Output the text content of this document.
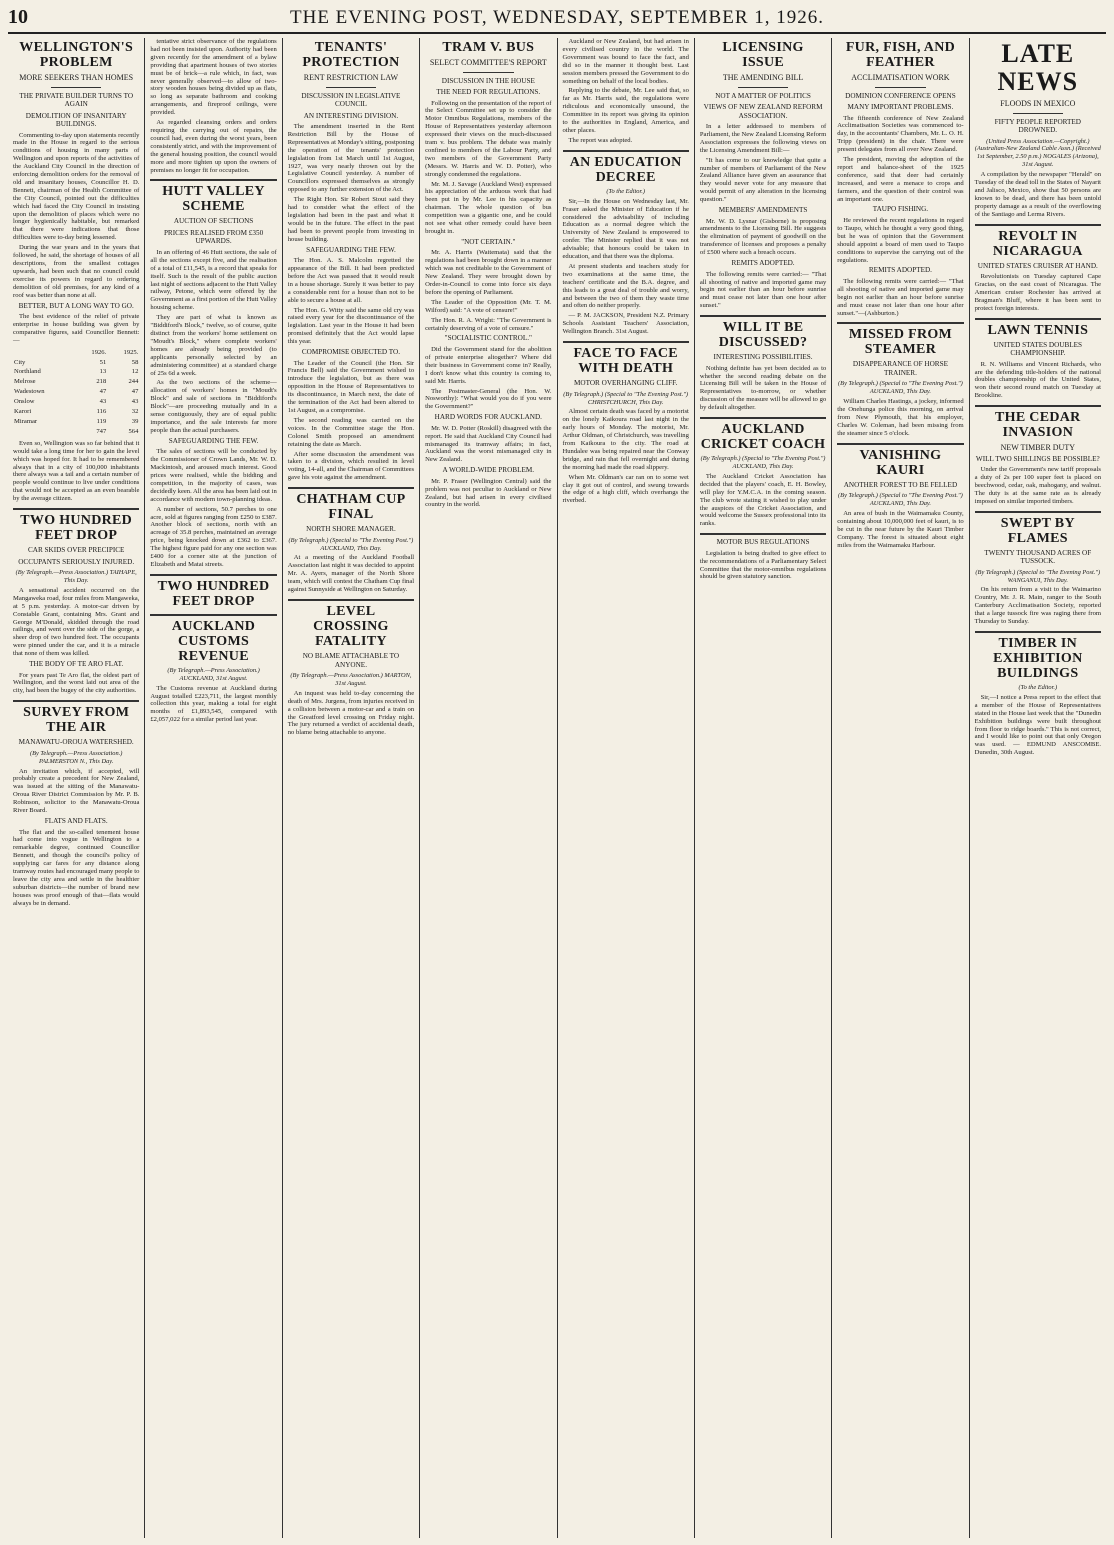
10	THE EVENING POST, WEDNESDAY, SEPTEMBER 1, 1926.
WELLINGTON'S PROBLEM
MORE SEEKERS THAN HOMES
THE PRIVATE BUILDER TURNS TO AGAIN
DEMOLITION OF INSANITARY BUILDINGS.

Commenting to-day upon statements recently made in the House in regard to the serious conditions of housing in many parts of Wellington and upon reports of the activities of the Auckland City Council in the direction of enforcing demolition orders for the removal of old and insanitary houses, Councillor H. D. Bennett, chairman of the Health Committee of the City Council, pointed out the difficulties which had faced the City Council in insisting upon the demolition of places which were no longer hygienically habitable, but remarked that there were indications that those difficulties were to-day being lessened.

During the war years and in the years that followed, he said, the shortage of houses of all descriptions, from the smallest cottages upwards, had been such that no council could exercise its powers in regard to ordering demolition of old premises, for any kind of a roof was better than none at all.

BETTER, BUT A LONG WAY TO GO.

The best evidence of the relief of private enterprise in house building was given by comparative figures, said Councillor Bennett:—

	1926.	1925.
City	51	58
Northland	13	12
Melrose	218	244
Wadestown	47	47
Onslow	43	43
Karori	116	32
Miramar	119	39
	747	564

Even so, Wellington was so far behind that it would take a long time for her to gain the level which was hoped for. It had to be remembered always that in a city of 100,000 inhabitants there always was a tail and a certain number of people would continue to live under conditions that would not be accepted as an even bearable by the average citizen.

TWO HUNDRED FEET DROP
CAR SKIDS OVER PRECIPICE
OCCUPANTS SERIOUSLY INJURED.
(By Telegraph.—Press Association.) TAIHAPE, This Day.

A sensational accident occurred on the Mangaweka road, four miles from Mangaweka, at 5 p.m. yesterday. A motor-car driven by Constable Grant, containing Mrs. Grant and George M'Donald, skidded through the road railings, and went over the side of the gorge, a sheer drop of two hundred feet. The occupants were pinned under the car, and it is a miracle that none of them was killed.

THE BODY OF TE ARO FLAT.

For years past Te Aro flat, the oldest part of Wellington, and the worst laid out area of the city, had been the bugey of the city authorities.

SURVEY FROM THE AIR
MANAWATU-OROUA WATERSHED.
(By Telegraph.—Press Association.) PALMERSTON N., This Day.

An invitation which, if accepted, will probably create a precedent for New Zealand, was issued at the sitting of the Manawatu-Oroua River District Commission by Mr. P. B. Robinson, solicitor to the Manawatu-Oroua River Board.

FLATS AND FLATS.

The flat and the so-called tenement house had come into vogue in Wellington to a remarkable degree, continued Councillor Bennett, and though the council's policy of supplying car fares for any distance along tramway routes had encouraged many people to leave the city area and settle in the healthier suburban districts—the number of brand new houses was proof enough of that—flats would always be in demand.

tentative strict observance of the regulations had not been insisted upon. Authority had been given recently for the amendment of a bylaw providing that apartment houses of two stories must be of brick—a rule which, in fact, was never generally observed—to allow of two-story wooden houses being divided up as flats, so long as separate bathroom and cooking arrangements, and fireproof ceilings, were provided.

As regarded cleansing orders and orders requiring the carrying out of repairs, the council had, even during the worst years, been consistently strict, and with the improvement of the general housing position, the council would more and more tighten up upon the owners of premises no longer fit for occupation.

HUTT VALLEY SCHEME
AUCTION OF SECTIONS
PRICES REALISED FROM £350 UPWARDS.

In an offering of 46 Hutt sections, the sale of all the sections except five, and the realisation of a total of £11,545, is a record that speaks for itself. Such is the result of the public auction last night of sections adjacent to the Hutt Valley railway, Petone, which were offered by the Government as a first portion of the Hutt Valley housing scheme.

They are part of what is known as "Biddiford's Block," twelve, so of course, quite distinct from the workers' home settlement on "Moudt's Block," where complete workers' homes are already being provided (to applicants personally selected by an administering committee) at a standard charge of 25s 6d a week.

As the two sections of the scheme—allocation of workers' homes in "Moudt's Block" and sale of sections in "Biddiford's Block"—are proceeding mutually and in a sense contiguously, they are of equal public importance, and the sale interests far more people than the actual purchasers.

SAFEGUARDING THE FEW.

The sales of sections will be conducted by the Commissioner of Crown Lands, Mr. W. D. Mackintosh, and aroused much interest. Good prices were realised, while the bidding and competition, in the majority of cases, was decidedly keen. All the area has been laid out in accordance with modern town-planning ideas.

A number of sections, 50.7 perches to one acre, sold at figures ranging from £250 to £387. Another block of sections, north with an acreage of 35.8 perches, maintained an average price, being knocked down at £362 to £367. The highest figure paid for any one section was £400 for a corner site at the junction of Elizabeth and Matai streets.

TWO HUNDRED FEET DROP
AUCKLAND CUSTOMS REVENUE
(By Telegraph.—Press Association.) AUCKLAND, 31st August.

The Customs revenue at Auckland during August totalled £223,711, the largest monthly collection this year, making a total for eight months of £1,893,545, compared with £2,057,022 for a similar period last year.

TENANTS' PROTECTION
RENT RESTRICTION LAW
DISCUSSION IN LEGISLATIVE COUNCIL
AN INTERESTING DIVISION.

The amendment inserted in the Rent Restriction Bill by the House of Representatives at Monday's sitting, postponing the operation of the tenants' protection legislation from 1st March until 1st August, 1927, was very nearly thrown out by the Legislative Council yesterday. A number of Councillors expressed themselves as strongly opposed to any further extension of the Act.

The Right Hon. Sir Robert Stout said they had to consider what the effect of the legislation had been in the past and what it would be in the future. The effect in the past had been to prevent people from investing in house building.

SAFEGUARDING THE FEW.

The Hon. A. S. Malcolm regretted the appearance of the Bill. It had been predicted before the Act was passed that it would result in a house shortage. Surely it was better to pay a considerable rent for a house than not to be able to secure a house at all.

The Hon. G. Witty said the same old cry was raised every year for the discontinuance of the legislation. Last year in the House it had been promised definitely that the Act would lapse this year.

COMPROMISE OBJECTED TO.

The Leader of the Council (the Hon. Sir Francis Bell) said the Government wished to introduce the legislation, but as there was opposition in the House of Representatives to its discontinuance, in March next, the date of the termination of the Act had been altered to 1st August, as a compromise.

The second reading was carried on the voices. In the Committee stage the Hon. Colonel Smith proposed an amendment retaining the date as March.

After some discussion the amendment was taken to a division, which resulted in level voting, 14-all, and the Chairman of Committees gave his vote against the amendment.

CHATHAM CUP FINAL
NORTH SHORE MANAGER.
(By Telegraph.) (Special to "The Evening Post.") AUCKLAND, This Day.

At a meeting of the Auckland Football Association last night it was decided to appoint Mr. A. Ayers, manager of the North Shore team, which will contest the Chatham Cup final against Sunnyside at Wellington on Saturday.

LEVEL CROSSING FATALITY
NO BLAME ATTACHABLE TO ANYONE.
(By Telegraph.—Press Association.) MARTON, 31st August.

An inquest was held to-day concerning the death of Mrs. Jurgens, from injuries received in a collision between a motor-car and a train on the Greatford level crossing on Friday night. The jury returned a verdict of accidental death, no blame being attachable to anyone.

TRAM V. BUS
SELECT COMMITTEE'S REPORT
DISCUSSION IN THE HOUSE
THE NEED FOR REGULATIONS.

Following on the presentation of the report of the Select Committee set up to consider the Motor Omnibus Regulations, members of the House of Representatives yesterday afternoon expressed their views on the much-discussed tram v. bus problem. The debate was mainly confined to members of the Labour Party, and two members of the Government Party (Messrs. W. Harris and W. D. Potter), who strongly condemned the regulations.

Mr. M. J. Savage (Auckland West) expressed his appreciation of the arduous work that had been put in by Mr. Lee in his capacity as chairman. The whole question of bus competition was a gigantic one, and he could not see what other remedy could have been brought in.

"NOT CERTAIN."

Mr. A. Harris (Waitemata) said that the regulations had been brought down in a manner which was not creditable to the Government of New Zealand. They were brought down by Order-in-Council to come into force six days before the opening of Parliament.

The Leader of the Opposition (Mr. T. M. Wilford) said: "A vote of censure!"

The Hon. R. A. Wright: "The Government is certainly deserving of a vote of censure."

"SOCIALISTIC CONTROL."

Did the Government stand for the abolition of private enterprise altogether? Where did their business in Government come in? Really, I don't know what this country is coming to, said Mr. Harris.

The Postmaster-General (the Hon. W. Nosworthy): "What would you do if you were the Government?"

HARD WORDS FOR AUCKLAND.

Mr. W. D. Potter (Roskill) disagreed with the report. He said that Auckland City Council had mismanaged its tramway affairs; in fact, Auckland was the worst mismanaged city in New Zealand.

A WORLD-WIDE PROBLEM.

Mr. P. Fraser (Wellington Central) said the problem was not peculiar to Auckland or New Zealand, but had arisen in every civilised country in the world.

Auckland or New Zealand, but had arisen in every civilised country in the world. The Government was bound to face the fact, and did so in the manner it thought best. Last session members pressed the Government to do something on behalf of the local bodies.

Replying to the debate, Mr. Lee said that, so far as Mr. Harris said, the regulations were ridiculous and economically unsound, the Committee in its report was giving its opinion to the authorities in England, America, and other places.

The report was adopted.

AN EDUCATION DECREE
(To the Editor.)

Sir,—In the House on Wednesday last, Mr. Fraser asked the Minister of Education if he considered the advisability of including Education as a normal degree which the University of New Zealand is empowered to confer. The Minister replied that it was not advisable; that honours could be taken in education, and that there was the diploma.

At present students and teachers study for two examinations at the same time, the teachers' certificate and the B.A. degree, and this leads to a great deal of trouble and worry, and between the two of them they waste time and often do neither properly.

— P. M. JACKSON, President N.Z. Primary Schools Assistant Teachers' Association, Wellington Branch. 31st August.

FACE TO FACE WITH DEATH
MOTOR OVERHANGING CLIFF.
(By Telegraph.) (Special to "The Evening Post.") CHRISTCHURCH, This Day.

Almost certain death was faced by a motorist on the lonely Kaikoura road last night in the early hours of Monday. The motorist, Mr. Arthur Oldman, of Christchurch, was travelling from Kaikoura to the city. The road at Hundalee was being repaired near the Conway bridge, and rain that fell overnight and during the morning had made the road slippery.

When Mr. Oldman's car ran on to some wet clay it got out of control, and swung towards the edge of a high cliff, which overhangs the riverbed.

LICENSING ISSUE
THE AMENDING BILL
NOT A MATTER OF POLITICS
VIEWS OF NEW ZEALAND REFORM ASSOCIATION.

In a letter addressed to members of Parliament, the New Zealand Licensing Reform Association expresses the following views on the Licensing Amendment Bill:—

"It has come to our knowledge that quite a number of members of Parliament of the New Zealand Alliance have given an assurance that they would never vote for any measure that would permit of any alteration in the licensing question."

MEMBERS' AMENDMENTS

Mr. W. D. Lysnar (Gisborne) is proposing amendments to the Licensing Bill. He suggests the elimination of payment of goodwill on the transference of licenses and proposes a penalty of £500 where such a breach occurs.

REMITS ADOPTED.

The following remits were carried:— "That all shooting of native and imported game may begin not earlier than an hour before sunrise and must cease not later than one hour after sunset."

WILL IT BE DISCUSSED?
INTERESTING POSSIBILITIES.

Nothing definite has yet been decided as to whether the second reading debate on the Licensing Bill will be taken in the House of Representatives to-morrow, or whether discussion of the measure will be allowed to go by default altogether.

AUCKLAND CRICKET COACH
(By Telegraph.) (Special to "The Evening Post.") AUCKLAND, This Day.

The Auckland Cricket Association has decided that the players' coach, E. H. Bowley, will play for Y.M.C.A. in the coming season. The club wrote stating it wished to play under the auspices of the Cricket Association, and would welcome the Sussex professional into its ranks.

MOTOR BUS REGULATIONS

Legislation is being drafted to give effect to the recommendations of a Parliamentary Select Committee that the motor-omnibus regulations should be given statutory sanction.

FUR, FISH, AND FEATHER
ACCLIMATISATION WORK
DOMINION CONFERENCE OPENS
MANY IMPORTANT PROBLEMS.

The fifteenth conference of New Zealand Acclimatisation Societies was commenced to-day, in the accountants' Chambers, Mr. L. O. H. Tripp (president) in the chair. There were present delegates from all over New Zealand.

The president, moving the adoption of the report and balance-sheet of the 1925 conference, said that deer had certainly increased, and were a menace to crops and farmers, and the question of their control was an important one.

TAUPO FISHING.

He reviewed the recent regulations in regard to Taupo, which he thought a very good thing, but he was of opinion that the Government should appoint a board of men used to Taupo conditions to supervise the carrying out of the regulations.

REMITS ADOPTED.

The following remits were carried:— "That all shooting of native and imported game may begin not earlier than an hour before sunrise and must cease not later than one hour after sunset."—(Ashburton.)

MISSED FROM STEAMER
DISAPPEARANCE OF HORSE TRAINER.
(By Telegraph.) (Special to "The Evening Post.") AUCKLAND, This Day.

William Charles Hastings, a jockey, informed the Onehunga police this morning, on arrival from New Plymouth, that his employer, Charles W. Coleman, had been missing from the steamer since 5 o'clock.

VANISHING KAURI
ANOTHER FOREST TO BE FELLED
(By Telegraph.) (Special to "The Evening Post.") AUCKLAND, This Day.

An area of bush in the Waimamaku County, containing about 10,000,000 feet of kauri, is to be cut in the near future by the Kauri Timber Company. The forest is situated about eight miles from the Waimamaku Harbour.

LATE NEWS
FLOODS IN MEXICO
FIFTY PEOPLE REPORTED DROWNED.
(United Press Association.—Copyright.) (Australian-New Zealand Cable Assn.) (Received 1st September, 2.50 p.m.) NOGALES (Arizona), 31st August.

A compilation by the newspaper "Herald" on Tuesday of the dead toll in the States of Nayarit and Jalisco, Mexico, show that 50 persons are known to be dead, and there has been untold property damage as a result of the overflowing of the Santiago and Lerma Rivers.

REVOLT IN NICARAGUA
UNITED STATES CRUISER AT HAND.

Revolutionists on Tuesday captured Cape Gracias, on the east coast of Nicaragua. The American cruiser Rochester has arrived at Bragman's Bluff, where it has been sent to protect foreign interests.

LAWN TENNIS
UNITED STATES DOUBLES CHAMPIONSHIP.

R. N. Williams and Vincent Richards, who are the defending title-holders of the national doubles championship of the United States, won their second round match on Tuesday at Brookline.

THE CEDAR INVASION
NEW TIMBER DUTY
WILL TWO SHILLINGS BE POSSIBLE?

Under the Government's new tariff proposals a duty of 2s per 100 super feet is placed on beechwood, cedar, oak, mahogany, and walnut. The duty is at the same rate as is already imposed on similar imported timbers.

SWEPT BY FLAMES
TWENTY THOUSAND ACRES OF TUSSOCK.
(By Telegraph.) (Special to "The Evening Post.") WANGANUI, This Day.

On his return from a visit to the Waimarino Country, Mr. J. R. Main, ranger to the South Canterbury Acclimatisation Society, reported that a large tussock fire was raging there from Thursday to Sunday.

TIMBER IN EXHIBITION BUILDINGS
(To the Editor.)

Sir,—I notice a Press report to the effect that a member of the House of Representatives stated in the House last week that the "Dunedin Exhibition buildings were built throughout from floor to ridge boards." This is not correct, and I would like to point out that only Oregon was used. — EDMUND ANSCOMBE. Dunedin, 30th August.
